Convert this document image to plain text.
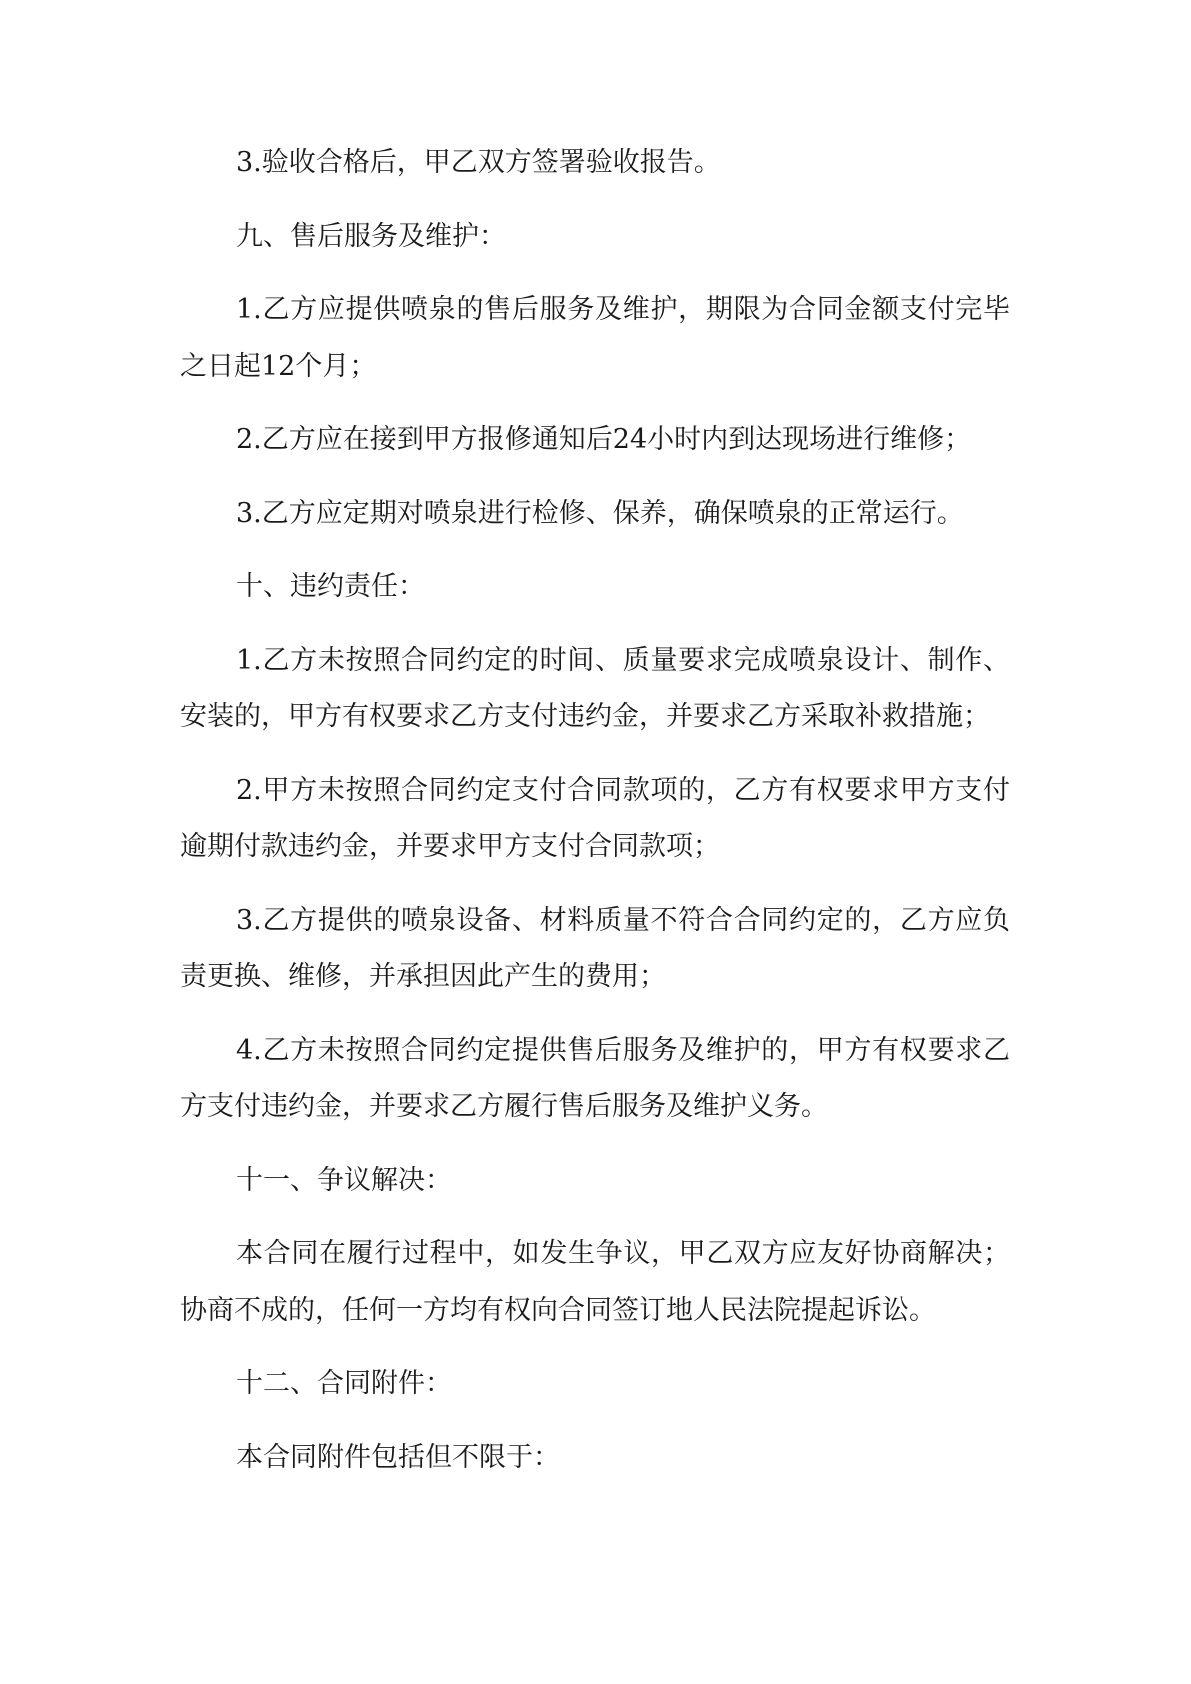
3.验收合格后，甲乙双方签署验收报告。

九、售后服务及维护：

1.乙方应提供喷泉的售后服务及维护，期限为合同金额支付完毕之日起12个月；

2.乙方应在接到甲方报修通知后24小时内到达现场进行维修；

3.乙方应定期对喷泉进行检修、保养，确保喷泉的正常运行。

十、违约责任：

1.乙方未按照合同约定的时间、质量要求完成喷泉设计、制作、安装的，甲方有权要求乙方支付违约金，并要求乙方采取补救措施；

2.甲方未按照合同约定支付合同款项的，乙方有权要求甲方支付逾期付款违约金，并要求甲方支付合同款项；

3.乙方提供的喷泉设备、材料质量不符合合同约定的，乙方应负责更换、维修，并承担因此产生的费用；

4.乙方未按照合同约定提供售后服务及维护的，甲方有权要求乙方支付违约金，并要求乙方履行售后服务及维护义务。

十一、争议解决：

本合同在履行过程中，如发生争议，甲乙双方应友好协商解决；协商不成的，任何一方均有权向合同签订地人民法院提起诉讼。

十二、合同附件：

本合同附件包括但不限于：
